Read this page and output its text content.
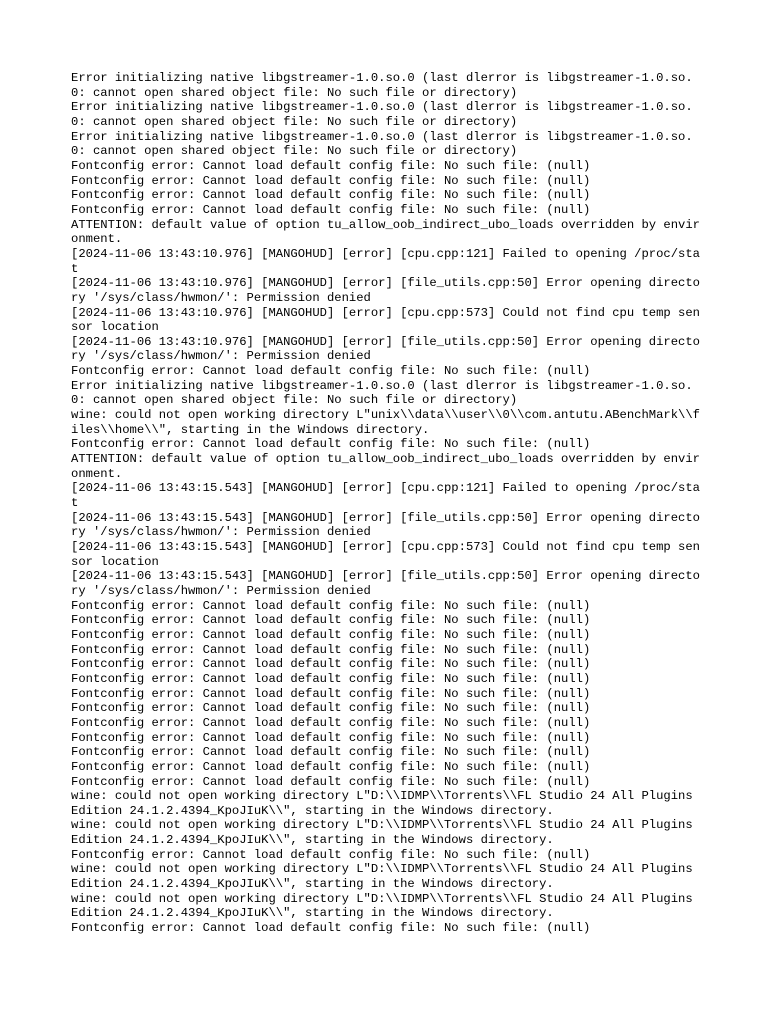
Error initializing native libgstreamer-1.0.so.0 (last dlerror is libgstreamer-1.0.so.0: cannot open shared object file: No such file or directory)
Error initializing native libgstreamer-1.0.so.0 (last dlerror is libgstreamer-1.0.so.0: cannot open shared object file: No such file or directory)
Error initializing native libgstreamer-1.0.so.0 (last dlerror is libgstreamer-1.0.so.0: cannot open shared object file: No such file or directory)
Fontconfig error: Cannot load default config file: No such file: (null)
Fontconfig error: Cannot load default config file: No such file: (null)
Fontconfig error: Cannot load default config file: No such file: (null)
Fontconfig error: Cannot load default config file: No such file: (null)
ATTENTION: default value of option tu_allow_oob_indirect_ubo_loads overridden by environment.
[2024-11-06 13:43:10.976] [MANGOHUD] [error] [cpu.cpp:121] Failed to opening /proc/stat
[2024-11-06 13:43:10.976] [MANGOHUD] [error] [file_utils.cpp:50] Error opening directory '/sys/class/hwmon/': Permission denied
[2024-11-06 13:43:10.976] [MANGOHUD] [error] [cpu.cpp:573] Could not find cpu temp sensor location
[2024-11-06 13:43:10.976] [MANGOHUD] [error] [file_utils.cpp:50] Error opening directory '/sys/class/hwmon/': Permission denied
Fontconfig error: Cannot load default config file: No such file: (null)
Error initializing native libgstreamer-1.0.so.0 (last dlerror is libgstreamer-1.0.so.0: cannot open shared object file: No such file or directory)
wine: could not open working directory L"unix\\data\\user\\0\\com.antutu.ABenchMark\\files\\home\\", starting in the Windows directory.
Fontconfig error: Cannot load default config file: No such file: (null)
ATTENTION: default value of option tu_allow_oob_indirect_ubo_loads overridden by environment.
[2024-11-06 13:43:15.543] [MANGOHUD] [error] [cpu.cpp:121] Failed to opening /proc/stat
[2024-11-06 13:43:15.543] [MANGOHUD] [error] [file_utils.cpp:50] Error opening directory '/sys/class/hwmon/': Permission denied
[2024-11-06 13:43:15.543] [MANGOHUD] [error] [cpu.cpp:573] Could not find cpu temp sensor location
[2024-11-06 13:43:15.543] [MANGOHUD] [error] [file_utils.cpp:50] Error opening directory '/sys/class/hwmon/': Permission denied
Fontconfig error: Cannot load default config file: No such file: (null)
Fontconfig error: Cannot load default config file: No such file: (null)
Fontconfig error: Cannot load default config file: No such file: (null)
Fontconfig error: Cannot load default config file: No such file: (null)
Fontconfig error: Cannot load default config file: No such file: (null)
Fontconfig error: Cannot load default config file: No such file: (null)
Fontconfig error: Cannot load default config file: No such file: (null)
Fontconfig error: Cannot load default config file: No such file: (null)
Fontconfig error: Cannot load default config file: No such file: (null)
Fontconfig error: Cannot load default config file: No such file: (null)
Fontconfig error: Cannot load default config file: No such file: (null)
Fontconfig error: Cannot load default config file: No such file: (null)
Fontconfig error: Cannot load default config file: No such file: (null)
wine: could not open working directory L"D:\\IDMP\\Torrents\\FL Studio 24 All Plugins Edition 24.1.2.4394_KpoJIuK\\", starting in the Windows directory.
wine: could not open working directory L"D:\\IDMP\\Torrents\\FL Studio 24 All Plugins Edition 24.1.2.4394_KpoJIuK\\", starting in the Windows directory.
Fontconfig error: Cannot load default config file: No such file: (null)
wine: could not open working directory L"D:\\IDMP\\Torrents\\FL Studio 24 All Plugins Edition 24.1.2.4394_KpoJIuK\\", starting in the Windows directory.
wine: could not open working directory L"D:\\IDMP\\Torrents\\FL Studio 24 All Plugins Edition 24.1.2.4394_KpoJIuK\\", starting in the Windows directory.
Fontconfig error: Cannot load default config file: No such file: (null)
